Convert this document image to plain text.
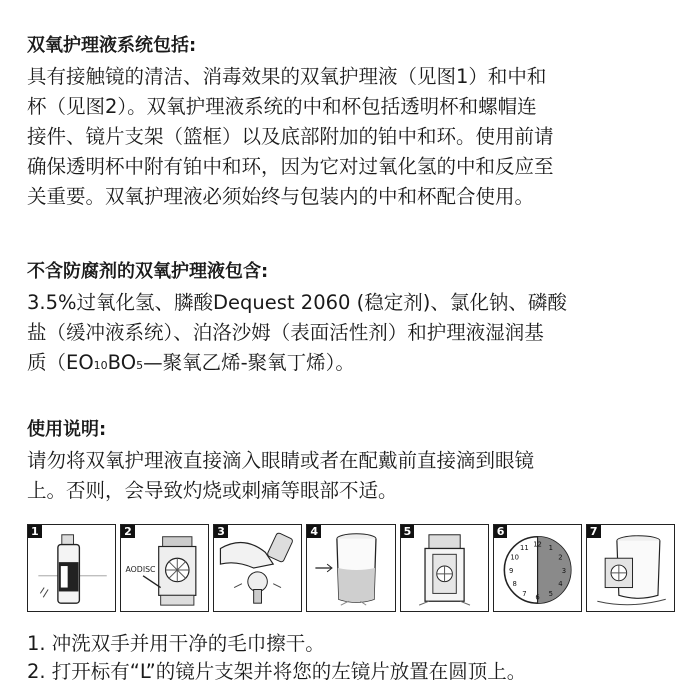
双氧护理液系统包括:

具有接触镜的清洁、消毒效果的双氧护理液（见图1）和中和

杯（见图2）。双氧护理液系统的中和杯包括透明杯和螺帽连

接件、镜片支架（篮框）以及底部附加的铂中和环。使用前请

确保透明杯中附有铂中和环，因为它对过氧化氢的中和反应至

关重要。双氧护理液必须始终与包装内的中和杯配合使用。

不含防腐剂的双氧护理液包含:

3.5%过氧化氢、膦酸Dequest 2060 (稳定剂)、氯化钠、磷酸

盐（缓冲液系统）、泊洛沙姆（表面活性剂）和护理液湿润基

质（EO10BO5—聚氧乙烯-聚氧丁烯）。

使用说明:

请勿将双氧护理液直接滴入眼睛或者在配戴前直接滴到眼镜

上。否则，会导致灼烧或刺痛等眼部不适。

1	2
AODISC
3	4	5	6
12 1
2
3
4
5
6
7
8
9
10
11
7

1. 冲洗双手并用干净的毛巾擦干。

2. 打开标有“L”的镜片支架并将您的左镜片放置在圆顶上。
